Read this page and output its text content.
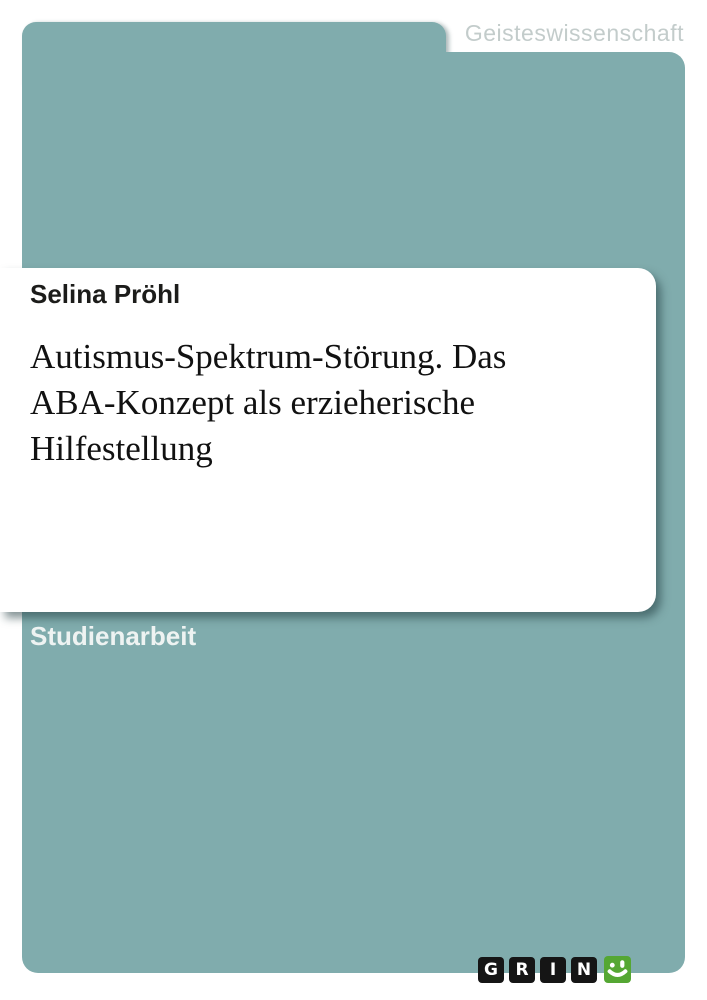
Geisteswissenschaft
Selina Pröhl
Autismus-Spektrum-Störung. Das
ABA-Konzept als erzieherische Hilfestellung
Studienarbeit
G	R	I	N
